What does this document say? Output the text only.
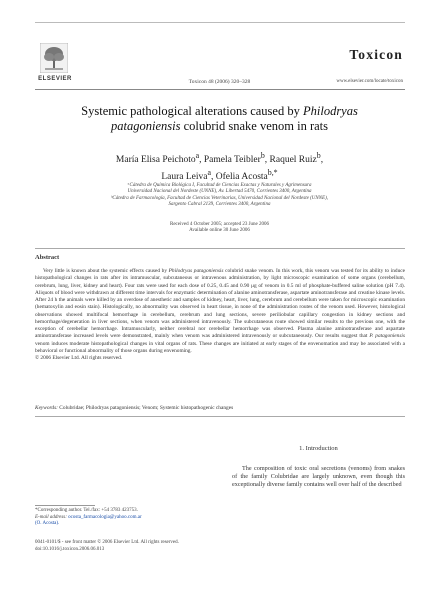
ELSEVIER	Toxicon 48 (2006) 320–328
Toxicon
www.elsevier.com/locate/toxicon
Systemic pathological alterations caused by Philodryas
patagoniensis colubrid snake venom in rats
María Elisa Peichoto$^a$, Pamela Teibler$^b$, Raquel Ruiz$^b$,
Laura Leiva$^a$, Ofelia Acosta$^{b,*}$
ᵃCátedra de Química Biológica I, Facultad de Ciencias Exactas y Naturales y Agrimensura
Universidad Nacional del Nordeste (UNNE), Av. Libertad 5470, Corrientes 3400, Argentina
ᵇCátedra de Farmacología, Facultad de Ciencias Veterinarias, Universidad Nacional del Nordeste (UNNE),
Sargento Cabral 2139, Corrientes 3400, Argentina
Received 4 October 2005; accepted 23 June 2006
Available online 30 June 2006
Abstract
Very little is known about the systemic effects caused by Philodryas patagoniensis colubrid snake venom. In this work, this venom was tested for its ability to induce histopathological changes in rats after its intramuscular, subcutaneous or intravenous administration, by light microscopic examination of some organs (cerebellum, cerebrum, lung, liver, kidney and heart). Four rats were used for each dose of 0.25, 0.45 and 0.90 μg of venom in 0.5 ml of phosphate-buffered saline solution (pH 7.4). Aliquots of blood were withdrawn at different time intervals for enzymatic determination of alanine aminotransferase, aspartate aminotransferase and creatine kinase levels. After 24 h the animals were killed by an overdose of anesthetic and samples of kidney, heart, liver, lung, cerebrum and cerebellum were taken for microscopic examination (hematoxylin and eosin stain). Histologically, no abnormality was observed in heart tissue, in none of the administration routes of the venom used. However, histological observations showed multifocal hemorrhage in cerebellum, cerebrum and lung sections, severe periliobular capillary congestion in kidney sections and hemorrhage/degeneration in liver sections, when venom was administered intravenously. The subcutaneous route showed similar results to the previous one, with the exception of cerebellar hemorrhage. Intramuscularly, neither cerebral nor cerebellar hemorrhage was observed. Plasma alanine aminotransferase and aspartate aminotransferase increased levels were demonstrated, mainly when venom was administered intravenously or subcutaneously. Our results suggest that P. patagoniensis venom induces moderate histopathological changes in vital organs of rats. These changes are initiated at early stages of the envenomation and may be associated with a behavioral or functional abnormality of those organs during envenoming.
© 2006 Elsevier Ltd. All rights reserved.
Keywords: Colubridae; Philodryas patagoniensis; Venom; Systemic histopathogenic changes
1. Introduction
The composition of toxic oral secretions (venoms) from snakes of the family Colubridae are largely unknown, even though this exceptionally diverse family contains well over half of the described
*Corresponding author. Tel./fax: +54 3783 423753.
E-mail address: ocosta_farmacologia@yahoo.com.ar
(O. Acosta).
0041-0101/$ - see front matter © 2006 Elsevier Ltd. All rights reserved.
doi:10.1016/j.toxicon.2006.06.013
